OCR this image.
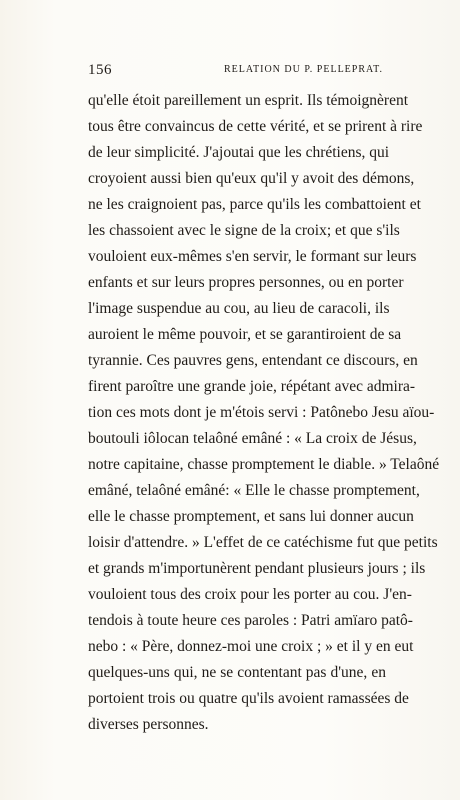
156	RELATION DU P. PELLEPRAT.
qu'elle étoit pareillement un esprit. Ils témoignèrent
tous être convaincus de cette vérité, et se prirent à rire
de leur simplicité. J'ajoutai que les chrétiens, qui
croyoient aussi bien qu'eux qu'il y avoit des démons,
ne les craignoient pas, parce qu'ils les combattoient et
les chassoient avec le signe de la croix; et que s'ils
vouloient eux-mêmes s'en servir, le formant sur leurs
enfants et sur leurs propres personnes, ou en porter
l'image suspendue au cou, au lieu de caracoli, ils
auroient le même pouvoir, et se garantiroient de sa
tyrannie. Ces pauvres gens, entendant ce discours, en
firent paroître une grande joie, répétant avec admira-
tion ces mots dont je m'étois servi : Patônebo Jesu aïou-
boutouli iôlocan telaôné emâné : « La croix de Jésus,
notre capitaine, chasse promptement le diable. » Telaôné
emâné, telaôné emâné: « Elle le chasse promptement,
elle le chasse promptement, et sans lui donner aucun
loisir d'attendre. » L'effet de ce catéchisme fut que petits
et grands m'importunèrent pendant plusieurs jours ; ils
vouloient tous des croix pour les porter au cou. J'en-
tendois à toute heure ces paroles : Patri amïaro patô-
nebo : « Père, donnez-moi une croix ; » et il y en eut
quelques-uns qui, ne se contentant pas d'une, en
portoient trois ou quatre qu'ils avoient ramassées de
diverses personnes.
